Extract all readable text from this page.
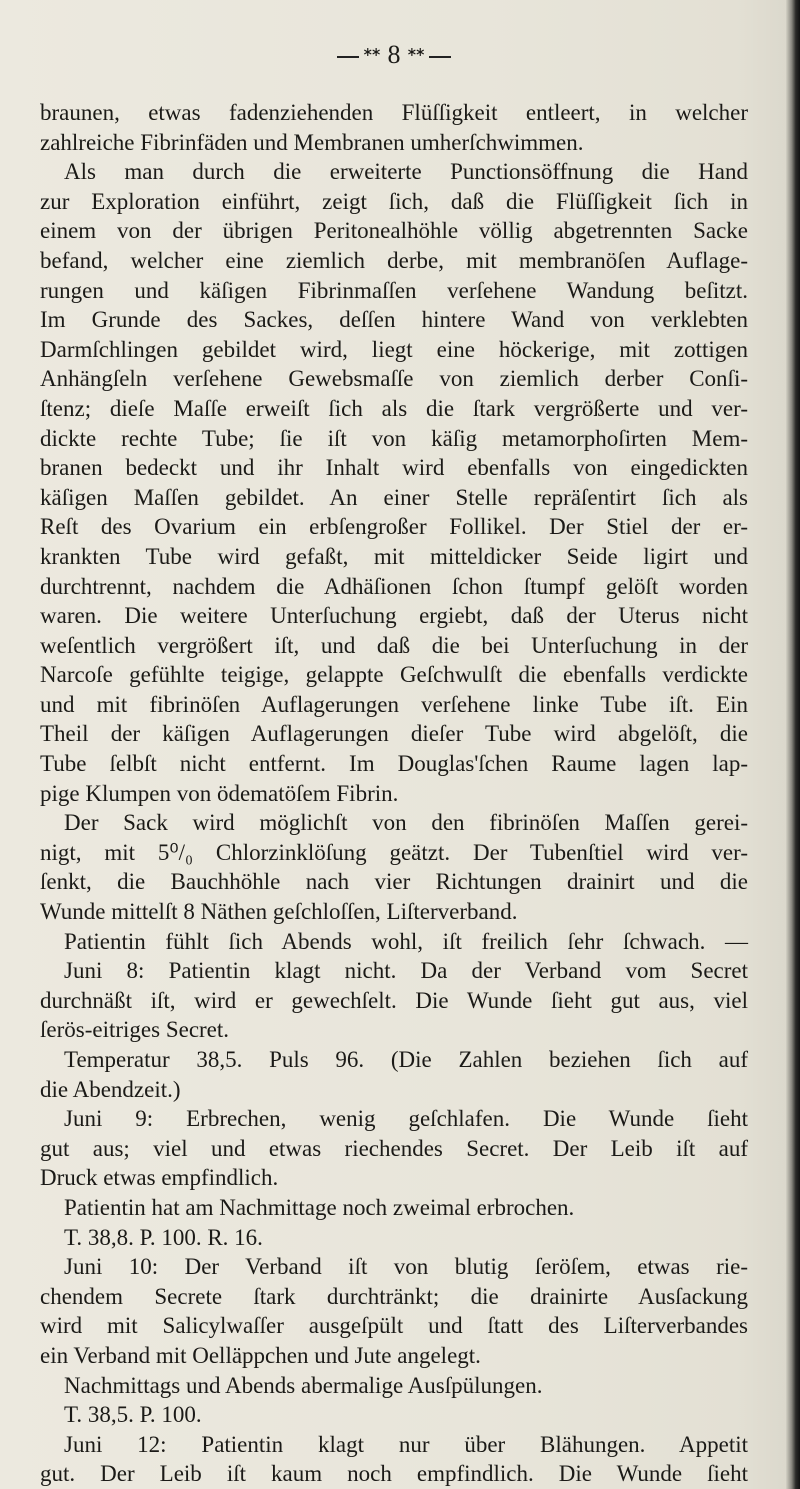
ᕯ 8 ᕯ
braunen, etwas fadenziehenden Flüſſigkeit entleert, in welcher
zahlreiche Fibrinfäden und Membranen umherſchwimmen.
Als man durch die erweiterte Punctionsöffnung die Hand
zur Exploration einführt, zeigt ſich, daß die Flüſſigkeit ſich in
einem von der übrigen Peritonealhöhle völlig abgetrennten Sacke
befand, welcher eine ziemlich derbe, mit membranöſen Auflage-
rungen und käſigen Fibrinmaſſen verſehene Wandung beſitzt.
Im Grunde des Sackes, deſſen hintere Wand von verklebten
Darmſchlingen gebildet wird, liegt eine höckerige, mit zottigen
Anhängſeln verſehene Gewebsmaſſe von ziemlich derber Conſi-
ſtenz; dieſe Maſſe erweiſt ſich als die ſtark vergrößerte und ver-
dickte rechte Tube; ſie iſt von käſig metamorphoſirten Mem-
branen bedeckt und ihr Inhalt wird ebenfalls von eingedickten
käſigen Maſſen gebildet. An einer Stelle repräſentirt ſich als
Reſt des Ovarium ein erbſengroßer Follikel. Der Stiel der er-
krankten Tube wird gefaßt, mit mitteldicker Seide ligirt und
durchtrennt, nachdem die Adhäſionen ſchon ſtumpf gelöſt worden
waren. Die weitere Unterſuchung ergiebt, daß der Uterus nicht
weſentlich vergrößert iſt, und daß die bei Unterſuchung in der
Narcoſe gefühlte teigige, gelappte Geſchwulſt die ebenfalls verdickte
und mit fibrinöſen Auflagerungen verſehene linke Tube iſt. Ein
Theil der käſigen Auflagerungen dieſer Tube wird abgelöſt, die
Tube ſelbſt nicht entfernt. Im Douglas'ſchen Raume lagen lap-
pige Klumpen von ödematöſem Fibrin.
Der Sack wird möglichſt von den fibrinöſen Maſſen gerei-
nigt, mit 5⁰/₀ Chlorzinklöſung geätzt. Der Tubenſtiel wird ver-
ſenkt, die Bauchhöhle nach vier Richtungen drainirt und die
Wunde mittelſt 8 Näthen geſchloſſen, Liſterverband.
Patientin fühlt ſich Abends wohl, iſt freilich ſehr ſchwach. —
Juni 8: Patientin klagt nicht. Da der Verband vom Secret
durchnäßt iſt, wird er gewechſelt. Die Wunde ſieht gut aus, viel
ſerös-eitriges Secret.
Temperatur 38,5. Puls 96. (Die Zahlen beziehen ſich auf
die Abendzeit.)
Juni 9: Erbrechen, wenig geſchlafen. Die Wunde ſieht
gut aus; viel und etwas riechendes Secret. Der Leib iſt auf
Druck etwas empfindlich.
Patientin hat am Nachmittage noch zweimal erbrochen.
T. 38,8. P. 100. R. 16.
Juni 10: Der Verband iſt von blutig ſeröſem, etwas rie-
chendem Secrete ſtark durchtränkt; die drainirte Ausſackung
wird mit Salicylwaſſer ausgeſpült und ſtatt des Liſterverbandes
ein Verband mit Oelläppchen und Jute angelegt.
Nachmittags und Abends abermalige Ausſpülungen.
T. 38,5. P. 100.
Juni 12: Patientin klagt nur über Blähungen. Appetit
gut. Der Leib iſt kaum noch empfindlich. Die Wunde ſieht
